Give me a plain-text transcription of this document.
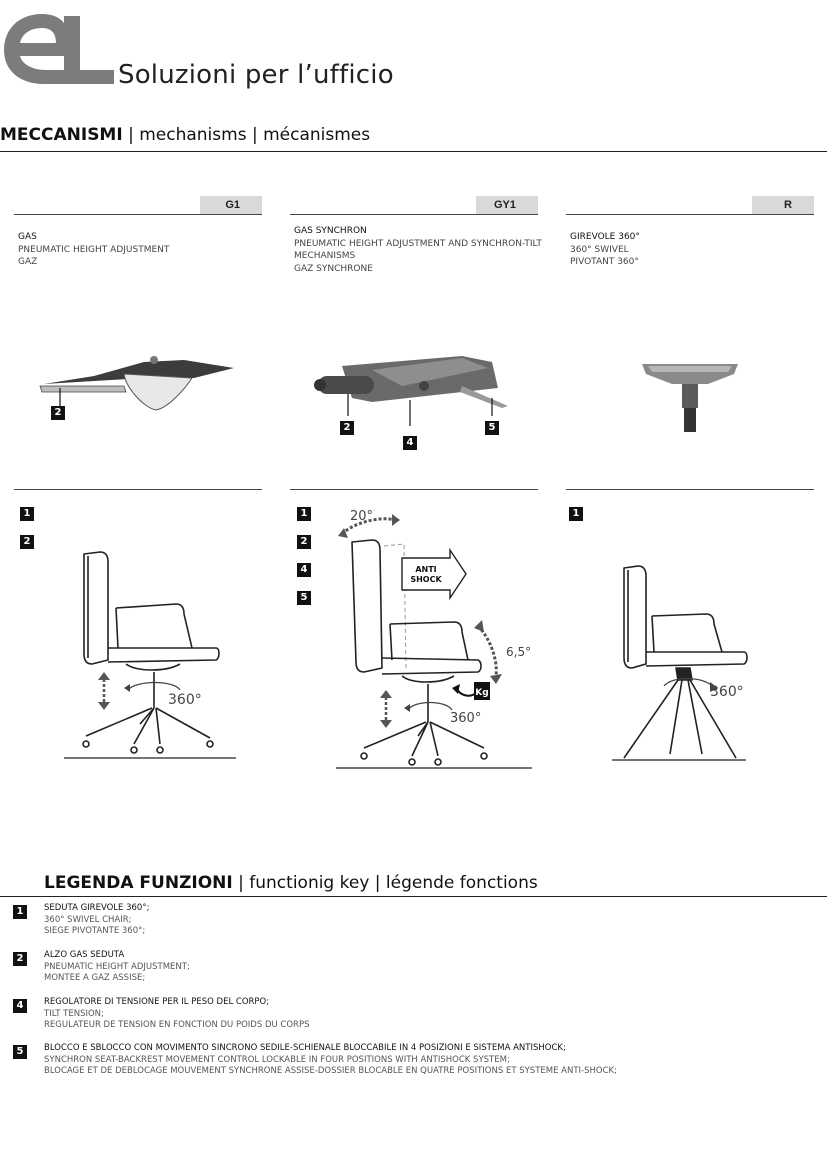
Soluzioni per l’ufficio
MECCANISMI | mechanisms | mécanismes
G1	GY1	R
GAS
PNEUMATIC HEIGHT ADJUSTMENT
GAZ
GAS SYNCHRON
PNEUMATIC HEIGHT ADJUSTMENT AND SYNCHRON-TILT
MECHANISMS
GAZ SYNCHRONE
GIREVOLE 360°
360° SWIVEL
PIVOTANT 360°
2
2
4
5
1
2
1
2
4
5
1
360°
20°
ANTI
SHOCK
6,5°
Kg
360°
360°
LEGENDA FUNZIONI | functionig key | légende fonctions
1	SEDUTA GIREVOLE 360°;
360° SWIVEL CHAIR;
SIEGE PIVOTANTE 360°;
2	ALZO GAS SEDUTA
PNEUMATIC HEIGHT ADJUSTMENT;
MONTEE A GAZ ASSISE;
4	REGOLATORE DI TENSIONE PER IL PESO DEL CORPO;
TILT TENSION;
REGULATEUR DE TENSION EN FONCTION DU POIDS DU CORPS
5	BLOCCO E SBLOCCO CON MOVIMENTO SINCRONO SEDILE-SCHIENALE BLOCCABILE IN 4 POSIZIONI E SISTEMA ANTISHOCK;
SYNCHRON SEAT-BACKREST MOVEMENT CONTROL LOCKABLE IN FOUR POSITIONS WITH ANTISHOCK SYSTEM;
BLOCAGE ET DE DEBLOCAGE MOUVEMENT SYNCHRONE ASSISE-DOSSIER BLOCABLE EN QUATRE POSITIONS ET SYSTEME ANTI-SHOCK;
